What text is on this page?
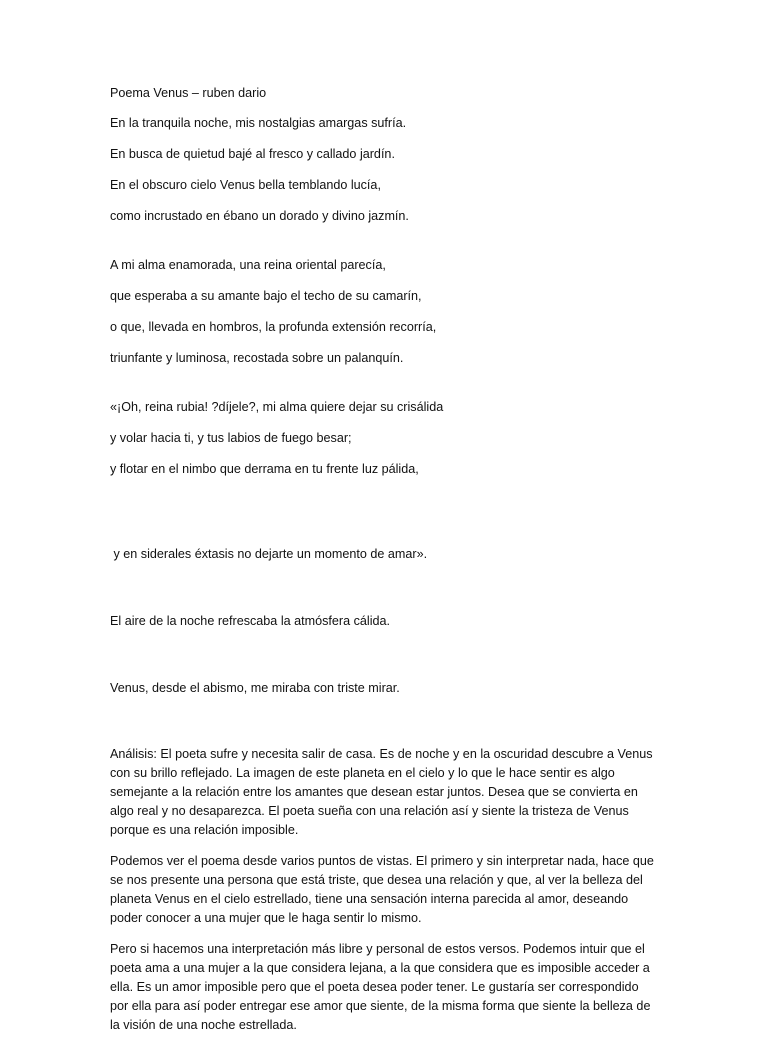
Poema Venus – ruben dario
En la tranquila noche, mis nostalgias amargas sufría.
En busca de quietud bajé al fresco y callado jardín.
En el obscuro cielo Venus bella temblando lucía,
como incrustado en ébano un dorado y divino jazmín.
A mi alma enamorada, una reina oriental parecía,
que esperaba a su amante bajo el techo de su camarín,
o que, llevada en hombros, la profunda extensión recorría,
triunfante y luminosa, recostada sobre un palanquín.
«¡Oh, reina rubia! ?díjele?, mi alma quiere dejar su crisálida
y volar hacia ti, y tus labios de fuego besar;
y flotar en el nimbo que derrama en tu frente luz pálida,

y en siderales éxtasis no dejarte un momento de amar».

El aire de la noche refrescaba la atmósfera cálida.

Venus, desde el abismo, me miraba con triste mirar.

Análisis: El poeta sufre y necesita salir de casa. Es de noche y en la oscuridad descubre a Venus con su brillo reflejado. La imagen de este planeta en el cielo y lo que le hace sentir es algo semejante a la relación entre los amantes que desean estar juntos. Desea que se convierta en algo real y no desaparezca. El poeta sueña con una relación así y siente la tristeza de Venus porque es una relación imposible.

Podemos ver el poema desde varios puntos de vistas. El primero y sin interpretar nada, hace que se nos presente una persona que está triste, que desea una relación y que, al ver la belleza del planeta Venus en el cielo estrellado, tiene una sensación interna parecida al amor, deseando poder conocer a una mujer que le haga sentir lo mismo.

Pero si hacemos una interpretación más libre y personal de estos versos. Podemos intuir que el poeta ama a una mujer a la que considera lejana, a la que considera que es imposible acceder a ella. Es un amor imposible pero que el poeta desea poder tener. Le gustaría ser correspondido por ella para así poder entregar ese amor que siente, de la misma forma que siente la belleza de la visión de una noche estrellada.
